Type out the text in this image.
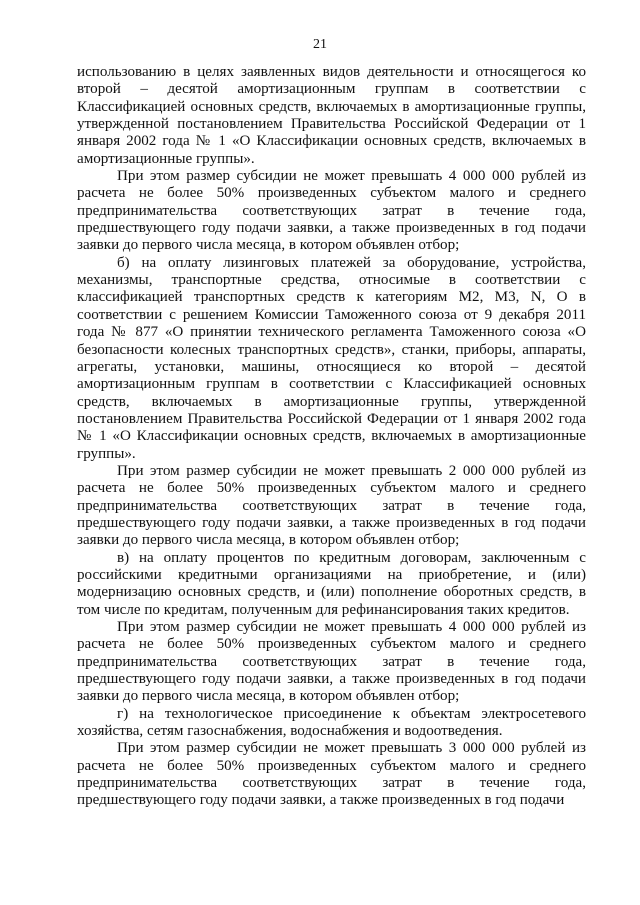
21

использованию в целях заявленных видов деятельности и относящегося ко второй – десятой амортизационным группам в соответствии с Классификацией основных средств, включаемых в амортизационные группы, утвержденной постановлением Правительства Российской Федерации от 1 января 2002 года № 1 «О Классификации основных средств, включаемых в амортизационные группы».

При этом размер субсидии не может превышать 4 000 000 рублей из расчета не более 50% произведенных субъектом малого и среднего предпринимательства соответствующих затрат в течение года, предшествующего году подачи заявки, а также произведенных в год подачи заявки до первого числа месяца, в котором объявлен отбор;

б) на оплату лизинговых платежей за оборудование, устройства, механизмы, транспортные средства, относимые в соответствии с классификацией транспортных средств к категориям М2, М3, N, O в соответствии с решением Комиссии Таможенного союза от 9 декабря 2011 года № 877 «О принятии технического регламента Таможенного союза «О безопасности колесных транспортных средств», станки, приборы, аппараты, агрегаты, установки, машины, относящиеся ко второй – десятой амортизационным группам в соответствии с Классификацией основных средств, включаемых в амортизационные группы, утвержденной постановлением Правительства Российской Федерации от 1 января 2002 года № 1 «О Классификации основных средств, включаемых в амортизационные группы».

При этом размер субсидии не может превышать 2 000 000 рублей из расчета не более 50% произведенных субъектом малого и среднего предпринимательства соответствующих затрат в течение года, предшествующего году подачи заявки, а также произведенных в год подачи заявки до первого числа месяца, в котором объявлен отбор;

в) на оплату процентов по кредитным договорам, заключенным с российскими кредитными организациями на приобретение, и (или) модернизацию основных средств, и (или) пополнение оборотных средств, в том числе по кредитам, полученным для рефинансирования таких кредитов.

При этом размер субсидии не может превышать 4 000 000 рублей из расчета не более 50% произведенных субъектом малого и среднего предпринимательства соответствующих затрат в течение года, предшествующего году подачи заявки, а также произведенных в год подачи заявки до первого числа месяца, в котором объявлен отбор;

г) на технологическое присоединение к объектам электросетевого хозяйства, сетям газоснабжения, водоснабжения и водоотведения.

При этом размер субсидии не может превышать 3 000 000 рублей из расчета не более 50% произведенных субъектом малого и среднего предпринимательства соответствующих затрат в течение года, предшествующего году подачи заявки, а также произведенных в год подачи
